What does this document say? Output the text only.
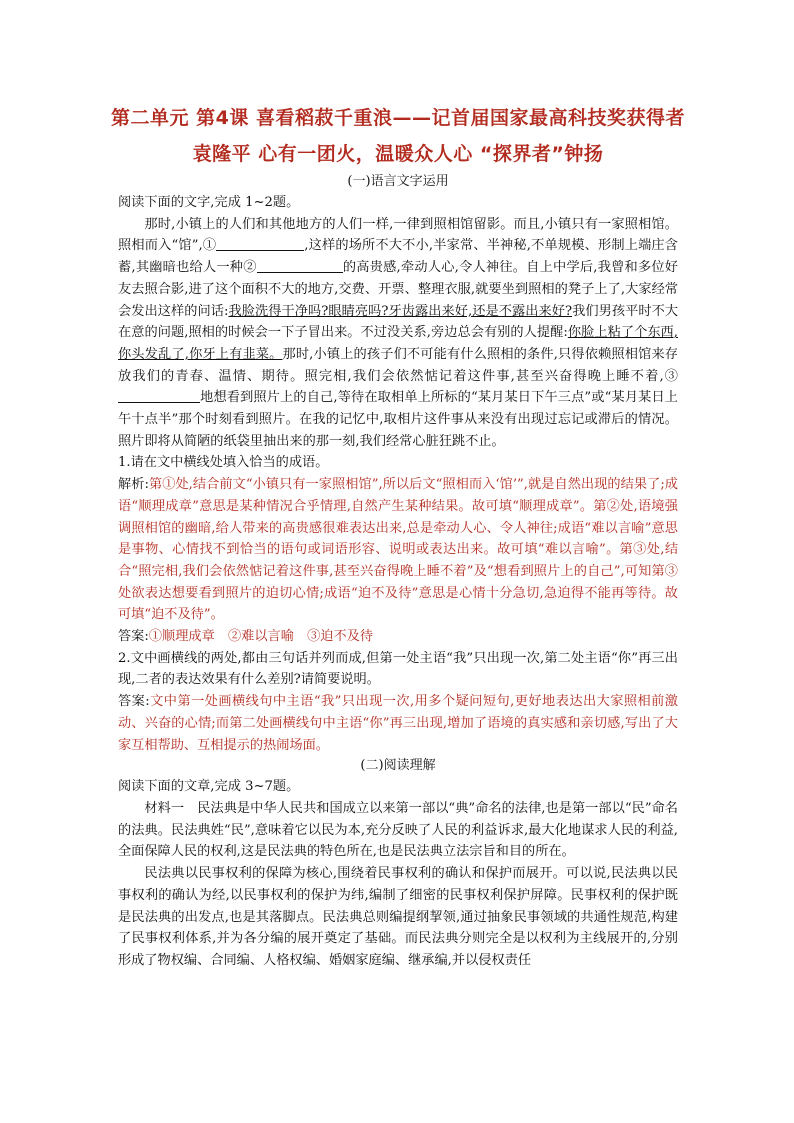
第二单元 第4课 喜看稻菽千重浪——记首届国家最高科技奖获得者
袁隆平 心有一团火，温暖众人心 “探界者”钟扬
(一)语言文字运用

阅读下面的文字,完成 1~2题。

那时,小镇上的人们和其他地方的人们一样,一律到照相馆留影。而且,小镇只有一家照相馆。照相而入“馆”,①	,这样的场所不大不小,半家常、半神秘,不单规模、形制上端庄含蓄,其幽暗也给人一种②	的高贵感,牵动人心,令人神往。自上中学后,我曾和多位好友去照合影,进了这个面积不大的地方,交费、开票、整理衣服,就要坐到照相的凳子上了,大家经常会发出这样的问话:我脸洗得干净吗?眼睛亮吗?牙齿露出来好,还是不露出来好?我们男孩平时不大在意的问题,照相的时候会一下子冒出来。不过没关系,旁边总会有别的人提醒:你脸上粘了个东西,你头发乱了,你牙上有韭菜。那时,小镇上的孩子们不可能有什么照相的条件,只得依赖照相馆来存放我们的青春、温情、期待。照完相,我们会依然惦记着这件事,甚至兴奋得晚上睡不着,③地想看到照片上的自己,等待在取相单上所标的“某月某日下午三点”或“某月某日上午十点半”那个时刻看到照片。在我的记忆中,取相片这件事从来没有出现过忘记或滞后的情况。照片即将从简陋的纸袋里抽出来的那一刻,我们经常心脏狂跳不止。

1.请在文中横线处填入恰当的成语。

解析:第①处,结合前文“小镇只有一家照相馆”,所以后文“照相而入‘馆’”,就是自然出现的结果了;成语“顺理成章”意思是某种情况合乎情理,自然产生某种结果。故可填“顺理成章”。第②处,语境强调照相馆的幽暗,给人带来的高贵感很难表达出来,总是牵动人心、令人神往;成语“难以言喻”意思是事物、心情找不到恰当的语句或词语形容、说明或表达出来。故可填“难以言喻”。第③处,结合“照完相,我们会依然惦记着这件事,甚至兴奋得晚上睡不着”及“想看到照片上的自己”,可知第③处欲表达想要看到照片的迫切心情;成语“迫不及待”意思是心情十分急切,急迫得不能再等待。故可填“迫不及待”。

答案:①顺理成章　②难以言喻　③迫不及待

2.文中画横线的两处,都由三句话并列而成,但第一处主语“我”只出现一次,第二处主语“你”再三出现,二者的表达效果有什么差别?请简要说明。

答案:文中第一处画横线句中主语“我”只出现一次,用多个疑问短句,更好地表达出大家照相前激动、兴奋的心情;而第二处画横线句中主语“你”再三出现,增加了语境的真实感和亲切感,写出了大家互相帮助、互相提示的热闹场面。

(二)阅读理解

阅读下面的文章,完成 3~7题。

材料一　民法典是中华人民共和国成立以来第一部以“典”命名的法律,也是第一部以“民”命名的法典。民法典姓“民”,意味着它以民为本,充分反映了人民的利益诉求,最大化地谋求人民的利益,全面保障人民的权利,这是民法典的特色所在,也是民法典立法宗旨和目的所在。

民法典以民事权利的保障为核心,围绕着民事权利的确认和保护而展开。可以说,民法典以民事权利的确认为经,以民事权利的保护为纬,编制了细密的民事权利保护屏障。民事权利的保护既是民法典的出发点,也是其落脚点。民法典总则编提纲挈领,通过抽象民事领域的共通性规范,构建了民事权利体系,并为各分编的展开奠定了基础。而民法典分则完全是以权利为主线展开的,分别形成了物权编、合同编、人格权编、婚姻家庭编、继承编,并以侵权责任
